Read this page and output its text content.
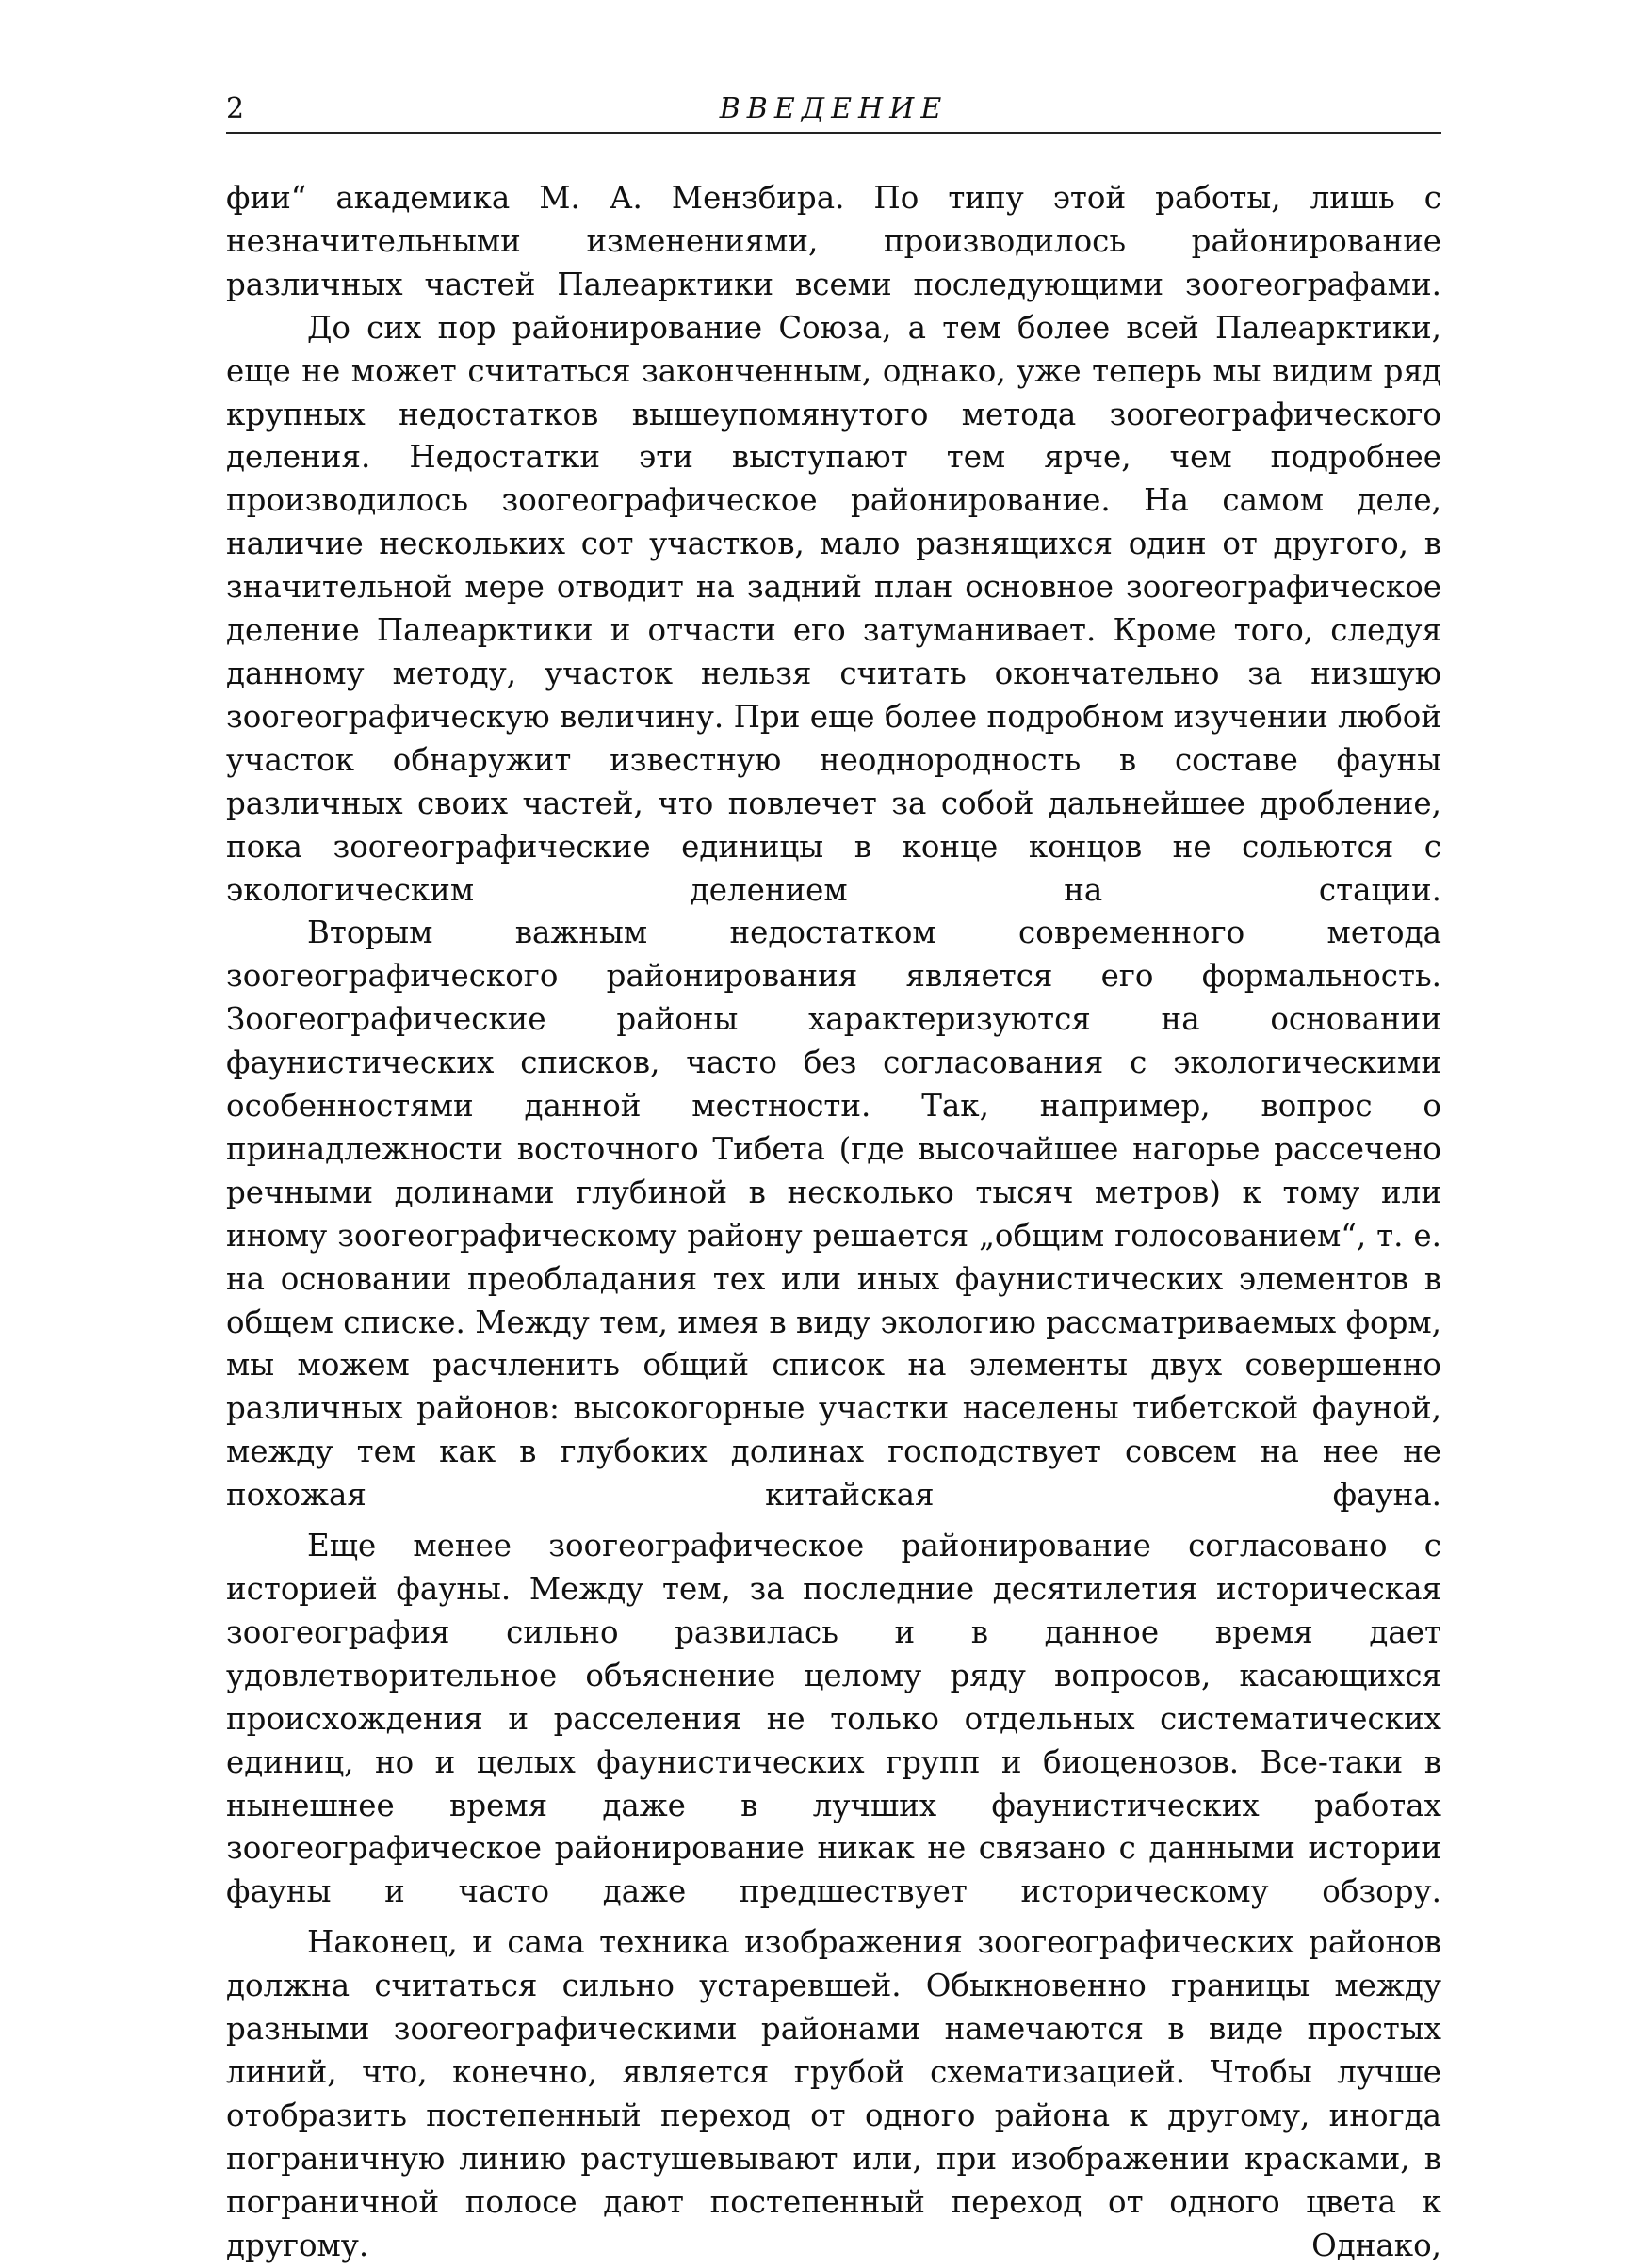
2	ВВЕДЕНИЕ

фии“ академика М. А. Мензбира. По типу этой работы, лишь с незначительными изменениями, производилось районирование различных частей Палеарктики всеми последующими зоогеографами.

До сих пор районирование Союза, а тем более всей Палеарктики, еще не может считаться законченным, однако, уже теперь мы видим ряд крупных недостатков вышеупомянутого метода зоогеографического деления. Недостатки эти выступают тем ярче, чем подробнее производилось зоогеографическое районирование. На самом деле, наличие нескольких сот участков, мало разнящихся один от другого, в значительной мере отводит на задний план основное зоогеографическое деление Палеарктики и отчасти его затуманивает. Кроме того, следуя данному методу, участок нельзя считать окончательно за низшую зоогеографическую величину. При еще более подробном изучении любой участок обнаружит известную неоднородность в составе фауны различных своих частей, что повлечет за собой дальнейшее дробление, пока зоогеографические единицы в конце концов не сольются с экологическим делением на стации.

Вторым важным недостатком современного метода зоогеографического районирования является его формальность. Зоогеографические районы характеризуются на основании фаунистических списков, часто без согласования с экологическими особенностями данной местности. Так, например, вопрос о принадлежности восточного Тибета (где высочайшее нагорье рассечено речными долинами глубиной в несколько тысяч метров) к тому или иному зоогеографическому району решается „общим голосованием“, т. е. на основании преобладания тех или иных фаунистических элементов в общем списке. Между тем, имея в виду экологию рассматриваемых форм, мы можем расчленить общий список на элементы двух совершенно различных районов: высокогорные участки населены тибетской фауной, между тем как в глубоких долинах господствует совсем на нее не похожая китайская фауна.

Еще менее зоогеографическое районирование согласовано с историей фауны. Между тем, за последние десятилетия историческая зоогеография сильно развилась и в данное время дает удовлетворительное объяснение целому ряду вопросов, касающихся происхождения и расселения не только отдельных систематических единиц, но и целых фаунистических групп и биоценозов. Все-таки в нынешнее время даже в лучших фаунистических работах зоогеографическое районирование никак не связано с данными истории фауны и часто даже предшествует историческому обзору.

Наконец, и сама техника изображения зоогеографических районов должна считаться сильно устаревшей. Обыкновенно границы между разными зоогеографическими районами намечаются в виде простых линий, что, конечно, является грубой схематизацией. Чтобы лучше отобразить постепенный переход от одного района к другому, иногда пограничную линию растушевывают или, при изображении красками, в пограничной полосе дают постепенный переход от одного цвета к другому. Однако,
